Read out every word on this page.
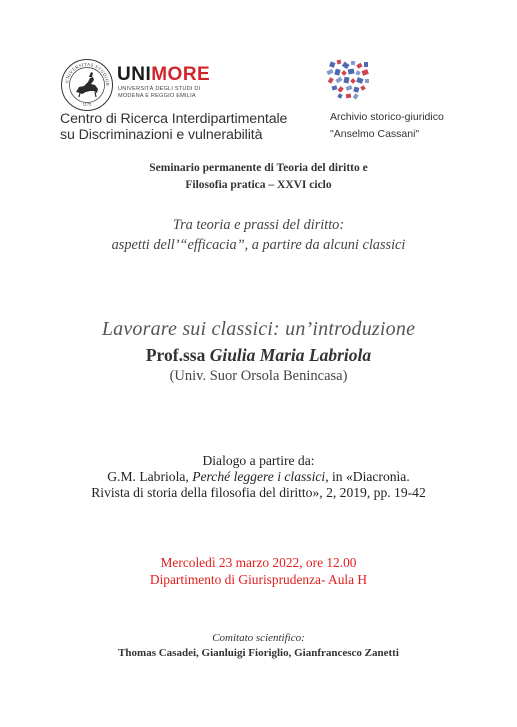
UNIVERSITAS STUDIOR
1175
UNIMORE
UNIVERSITÀ DEGLI STUDI DI
MODENA E REGGIO EMILIA
Centro di Ricerca Interdipartimentale
su Discriminazioni e vulnerabilità
Archivio storico-giuridico
"Anselmo Cassani"
Seminario permanente di Teoria del diritto e
Filosofia pratica – XXVI ciclo
Tra teoria e prassi del diritto:
aspetti dell’“efficacia”, a partire da alcuni classici
Lavorare sui classici: un’introduzione
Prof.ssa Giulia Maria Labriola
(Univ. Suor Orsola Benincasa)
Dialogo a partire da:
G.M. Labriola, Perché leggere i classici, in «Diacronìa.
Rivista di storia della filosofia del diritto», 2, 2019, pp. 19-42
Mercoledì 23 marzo 2022, ore 12.00
Dipartimento di Giurisprudenza- Aula H
Comitato scientifico:
Thomas Casadei, Gianluigi Fioriglio, Gianfrancesco Zanetti
